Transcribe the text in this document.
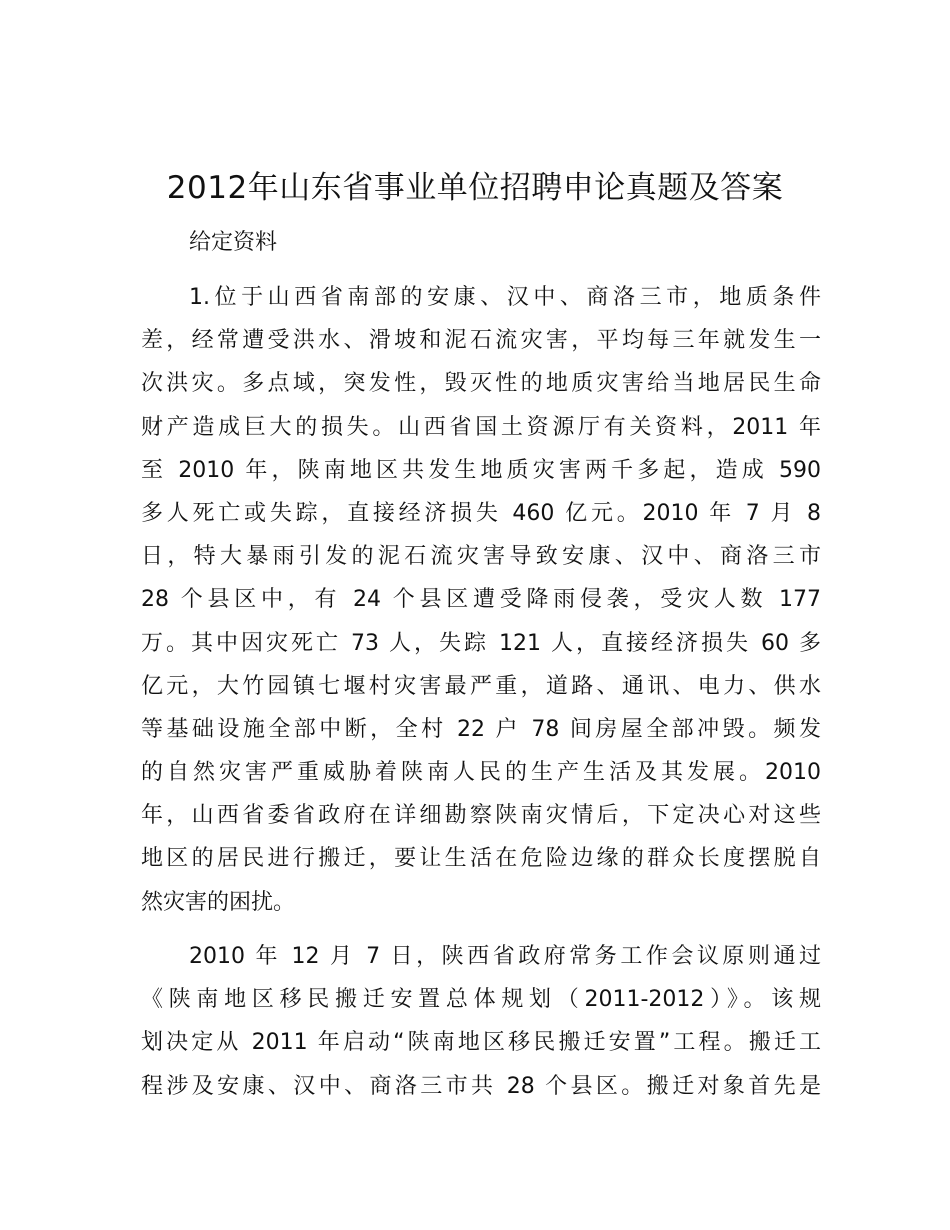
2012年山东省事业单位招聘申论真题及答案
给定资料
1.位于山西省南部的安康、汉中、商洛三市，地质条件
差，经常遭受洪水、滑坡和泥石流灾害，平均每三年就发生一
次洪灾。多点域，突发性，毁灭性的地质灾害给当地居民生命
财产造成巨大的损失。山西省国土资源厅有关资料，2011 年
至 2010 年，陕南地区共发生地质灾害两千多起，造成 590
多人死亡或失踪，直接经济损失 460 亿元。2010 年 7 月 8
日，特大暴雨引发的泥石流灾害导致安康、汉中、商洛三市
28 个县区中，有 24 个县区遭受降雨侵袭，受灾人数 177
万。其中因灾死亡 73 人，失踪 121 人，直接经济损失 60 多
亿元，大竹园镇七堰村灾害最严重，道路、通讯、电力、供水
等基础设施全部中断，全村 22 户 78 间房屋全部冲毁。频发
的自然灾害严重威胁着陕南人民的生产生活及其发展。2010
年，山西省委省政府在详细勘察陕南灾情后，下定决心对这些
地区的居民进行搬迁，要让生活在危险边缘的群众长度摆脱自
然灾害的困扰。
2010 年 12 月 7 日，陕西省政府常务工作会议原则通过
《陕南地区移民搬迁安置总体规划（2011-2012）》。该规
划决定从 2011 年启动“陕南地区移民搬迁安置”工程。搬迁工
程涉及安康、汉中、商洛三市共 28 个县区。搬迁对象首先是
